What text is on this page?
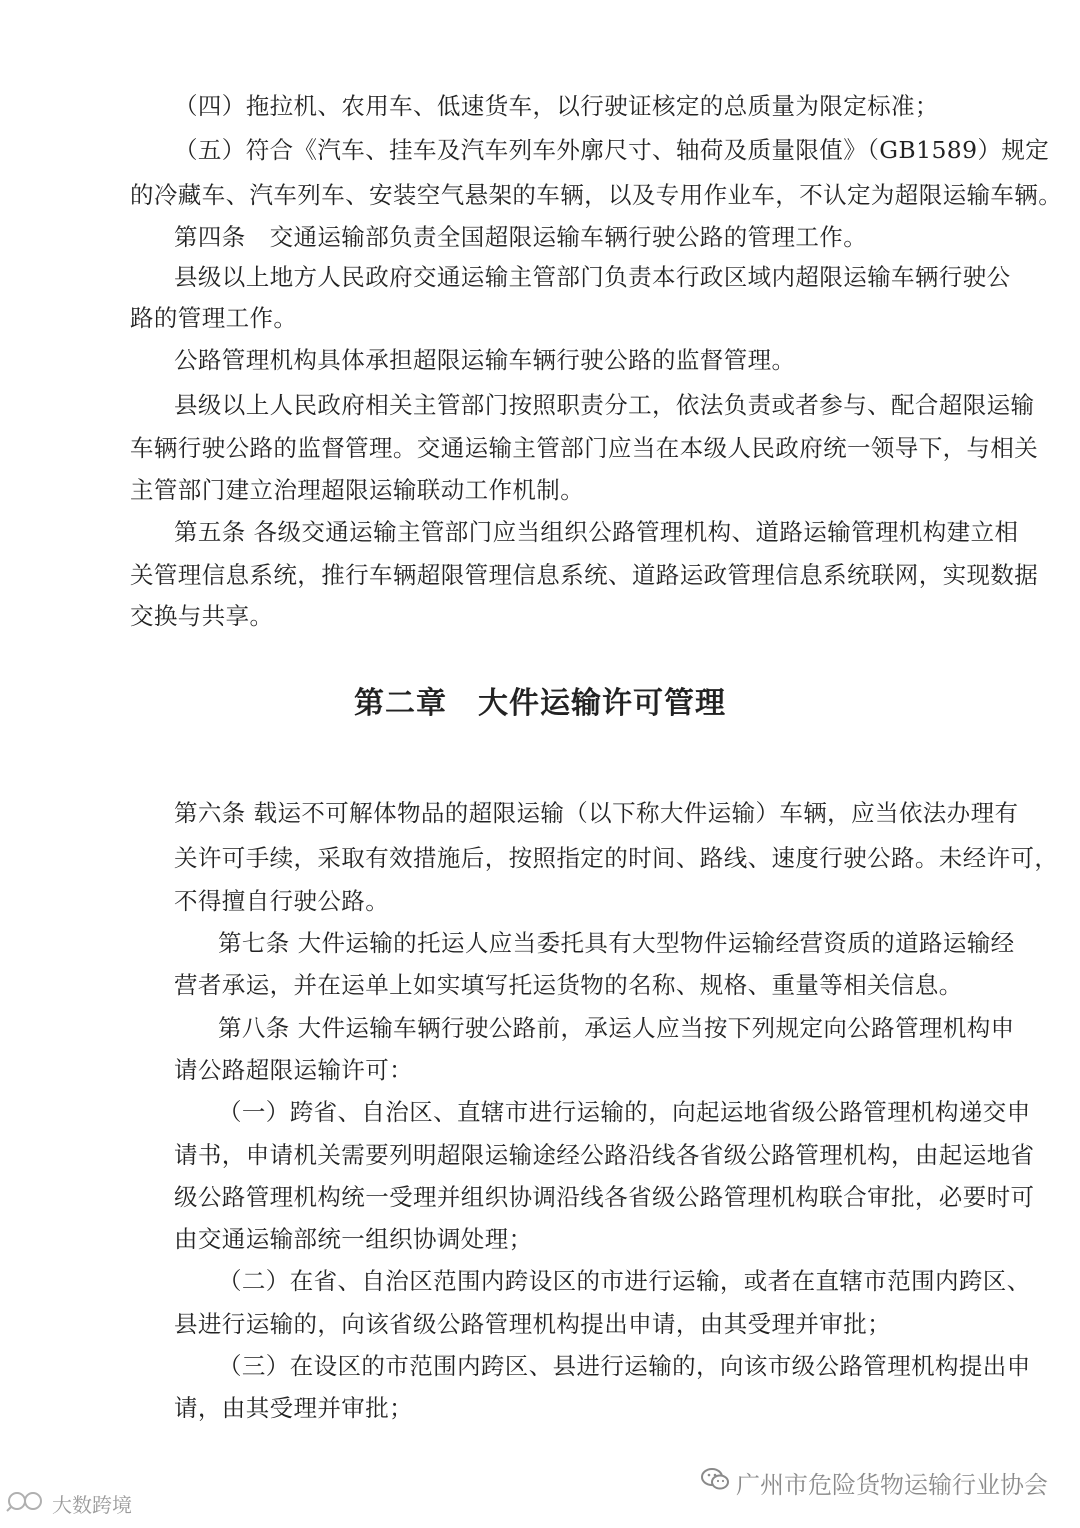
（四）拖拉机、农用车、低速货车，以行驶证核定的总质量为限定标准；
（五）符合《汽车、挂车及汽车列车外廓尺寸、轴荷及质量限值》（GB1589）规定
的冷藏车、汽车列车、安装空气悬架的车辆，以及专用作业车，不认定为超限运输车辆。
第四条　交通运输部负责全国超限运输车辆行驶公路的管理工作。
县级以上地方人民政府交通运输主管部门负责本行政区域内超限运输车辆行驶公
路的管理工作。
公路管理机构具体承担超限运输车辆行驶公路的监督管理。
县级以上人民政府相关主管部门按照职责分工，依法负责或者参与、配合超限运输
车辆行驶公路的监督管理。交通运输主管部门应当在本级人民政府统一领导下，与相关
主管部门建立治理超限运输联动工作机制。
第五条 各级交通运输主管部门应当组织公路管理机构、道路运输管理机构建立相
关管理信息系统，推行车辆超限管理信息系统、道路运政管理信息系统联网，实现数据
交换与共享。
第二章　大件运输许可管理
第六条 载运不可解体物品的超限运输（以下称大件运输）车辆，应当依法办理有
关许可手续，采取有效措施后，按照指定的时间、路线、速度行驶公路。未经许可，
不得擅自行驶公路。
第七条 大件运输的托运人应当委托具有大型物件运输经营资质的道路运输经
营者承运，并在运单上如实填写托运货物的名称、规格、重量等相关信息。
第八条 大件运输车辆行驶公路前，承运人应当按下列规定向公路管理机构申
请公路超限运输许可：
（一）跨省、自治区、直辖市进行运输的，向起运地省级公路管理机构递交申
请书，申请机关需要列明超限运输途经公路沿线各省级公路管理机构，由起运地省
级公路管理机构统一受理并组织协调沿线各省级公路管理机构联合审批，必要时可
由交通运输部统一组织协调处理；
（二）在省、自治区范围内跨设区的市进行运输，或者在直辖市范围内跨区、
县进行运输的，向该省级公路管理机构提出申请，由其受理并审批；
（三）在设区的市范围内跨区、县进行运输的，向该市级公路管理机构提出申
请，由其受理并审批；
广州市危险货物运输行业协会
大数跨境
